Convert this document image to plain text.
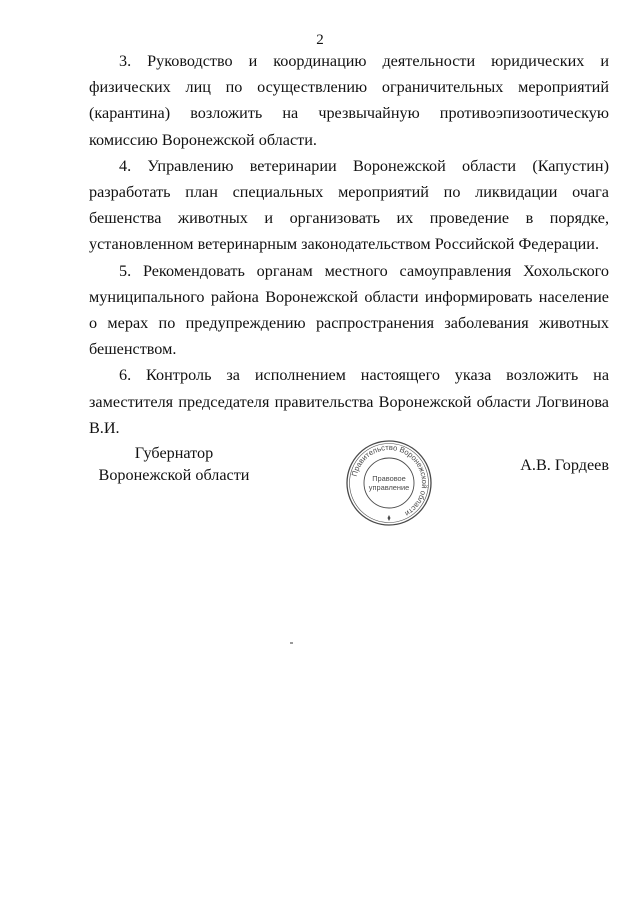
2

3. Руководство и координацию деятельности юридических и физических лиц по осуществлению ограничительных мероприятий (карантина) возложить на чрезвычайную противоэпизоотическую комиссию Воронежской области.

4. Управлению ветеринарии Воронежской области (Капустин) разработать план специальных мероприятий по ликвидации очага бешенства животных и организовать их проведение в порядке, установленном ветеринарным законодательством Российской Федерации.

5. Рекомендовать органам местного самоуправления Хохольского муниципального района Воронежской области информировать население о мерах по предупреждению распространения заболевания животных бешенством.

6. Контроль за исполнением настоящего указа возложить на заместителя председателя правительства Воронежской области Логвинова В.И.

Губернатор
Воронежской области	Правительство Воронежской области
Правовое
управление
А.В. Гордеев
